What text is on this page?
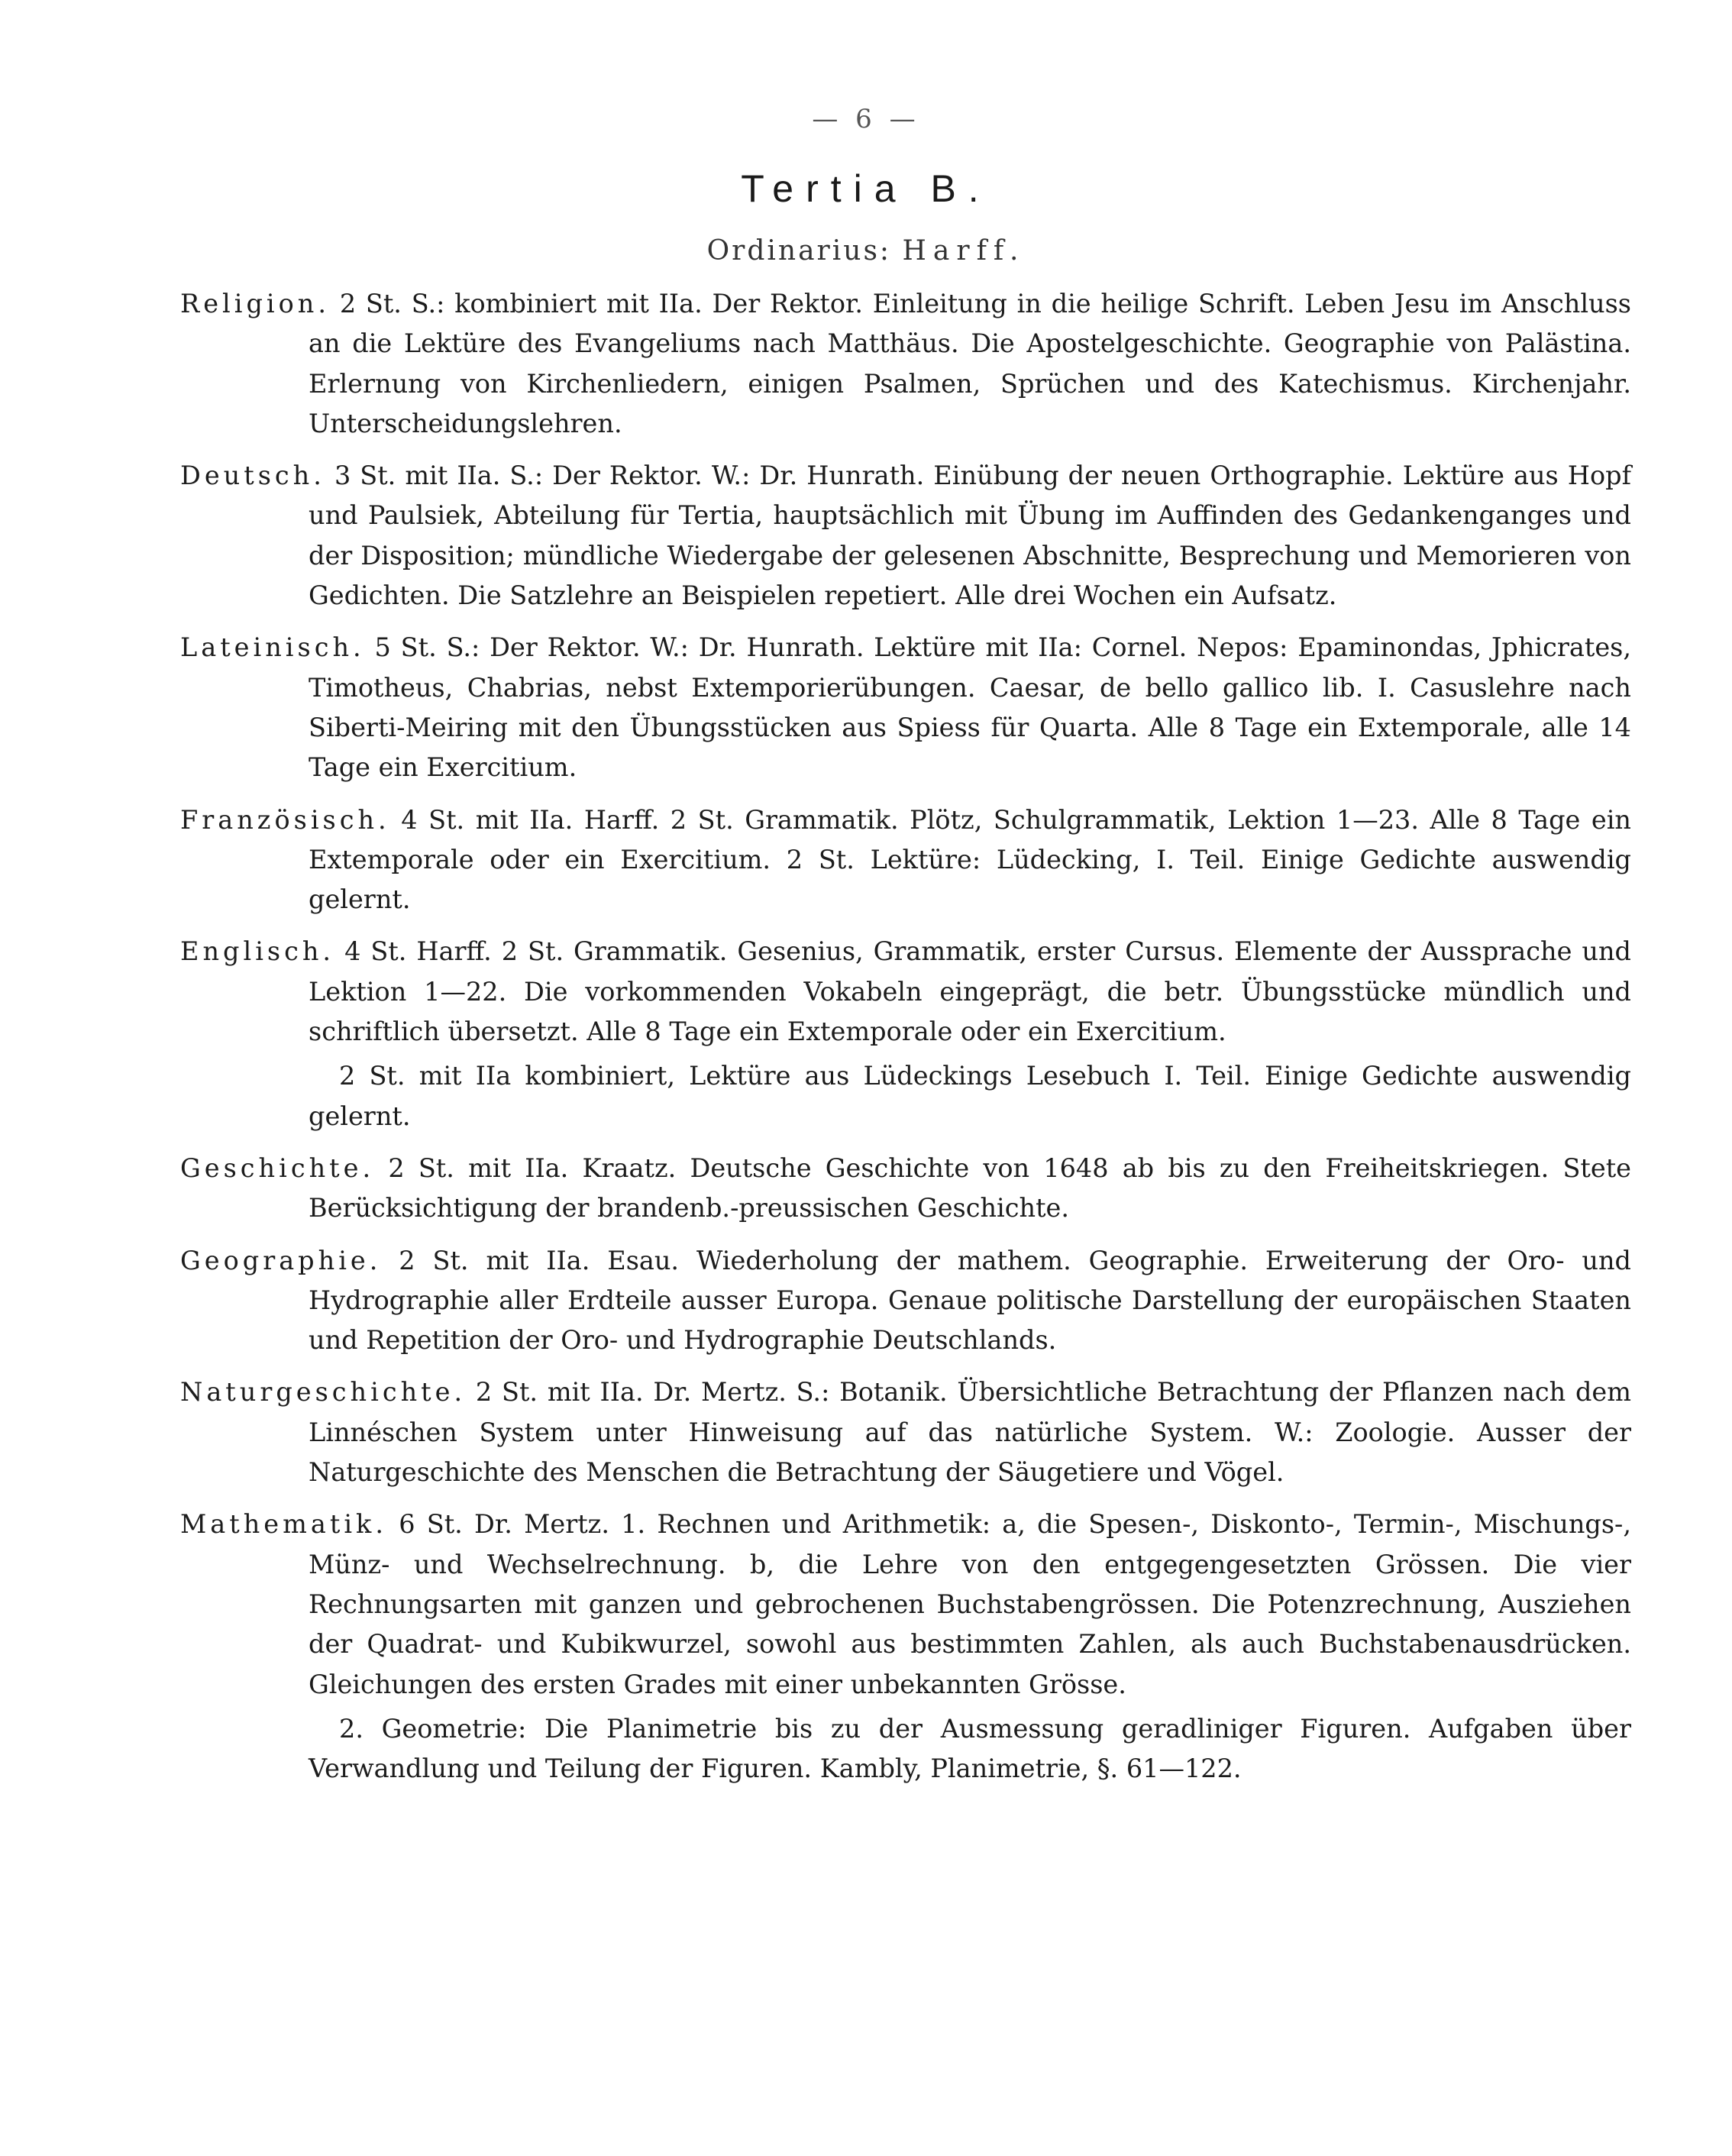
— 6 —
Tertia B.
Ordinarius: Harff.

Religion. 2 St. S.: kombiniert mit IIa. Der Rektor. Einleitung in die heilige Schrift. Leben Jesu im Anschluss an die Lektüre des Evangeliums nach Matthäus. Die Apostelgeschichte. Geographie von Palästina. Erlernung von Kirchenliedern, einigen Psalmen, Sprüchen und des Katechismus. Kirchenjahr. Unterscheidungslehren.

Deutsch. 3 St. mit IIa. S.: Der Rektor. W.: Dr. Hunrath. Einübung der neuen Orthographie. Lektüre aus Hopf und Paulsiek, Abteilung für Tertia, hauptsächlich mit Übung im Auffinden des Gedankenganges und der Disposition; mündliche Wiedergabe der gelesenen Abschnitte, Besprechung und Memorieren von Gedichten. Die Satzlehre an Beispielen repetiert. Alle drei Wochen ein Aufsatz.

Lateinisch. 5 St. S.: Der Rektor. W.: Dr. Hunrath. Lektüre mit IIa: Cornel. Nepos: Epaminondas, Jphicrates, Timotheus, Chabrias, nebst Extemporierübungen. Caesar, de bello gallico lib. I. Casuslehre nach Siberti-Meiring mit den Übungsstücken aus Spiess für Quarta. Alle 8 Tage ein Extemporale, alle 14 Tage ein Exercitium.

Französisch. 4 St. mit IIa. Harff. 2 St. Grammatik. Plötz, Schulgrammatik, Lektion 1—23. Alle 8 Tage ein Extemporale oder ein Exercitium. 2 St. Lektüre: Lüdecking, I. Teil. Einige Gedichte auswendig gelernt.

Englisch. 4 St. Harff. 2 St. Grammatik. Gesenius, Grammatik, erster Cursus. Elemente der Aussprache und Lektion 1—22. Die vorkommenden Vokabeln eingeprägt, die betr. Übungsstücke mündlich und schriftlich übersetzt. Alle 8 Tage ein Extemporale oder ein Exercitium.

2 St. mit IIa kombiniert, Lektüre aus Lüdeckings Lesebuch I. Teil. Einige Gedichte auswendig gelernt.

Geschichte. 2 St. mit IIa. Kraatz. Deutsche Geschichte von 1648 ab bis zu den Freiheitskriegen. Stete Berücksichtigung der brandenb.-preussischen Geschichte.

Geographie. 2 St. mit IIa. Esau. Wiederholung der mathem. Geographie. Erweiterung der Oro- und Hydrographie aller Erdteile ausser Europa. Genaue politische Darstellung der europäischen Staaten und Repetition der Oro- und Hydrographie Deutschlands.

Naturgeschichte. 2 St. mit IIa. Dr. Mertz. S.: Botanik. Übersichtliche Betrachtung der Pflanzen nach dem Linnéschen System unter Hinweisung auf das natürliche System. W.: Zoologie. Ausser der Naturgeschichte des Menschen die Betrachtung der Säugetiere und Vögel.

Mathematik. 6 St. Dr. Mertz. 1. Rechnen und Arithmetik: a, die Spesen-, Diskonto-, Termin-, Mischungs-, Münz- und Wechselrechnung. b, die Lehre von den entgegengesetzten Grössen. Die vier Rechnungsarten mit ganzen und gebrochenen Buchstabengrössen. Die Potenzrechnung, Ausziehen der Quadrat- und Kubikwurzel, sowohl aus bestimmten Zahlen, als auch Buchstabenausdrücken. Gleichungen des ersten Grades mit einer unbekannten Grösse.

2. Geometrie: Die Planimetrie bis zu der Ausmessung geradliniger Figuren. Aufgaben über Verwandlung und Teilung der Figuren. Kambly, Planimetrie, §. 61—122.
